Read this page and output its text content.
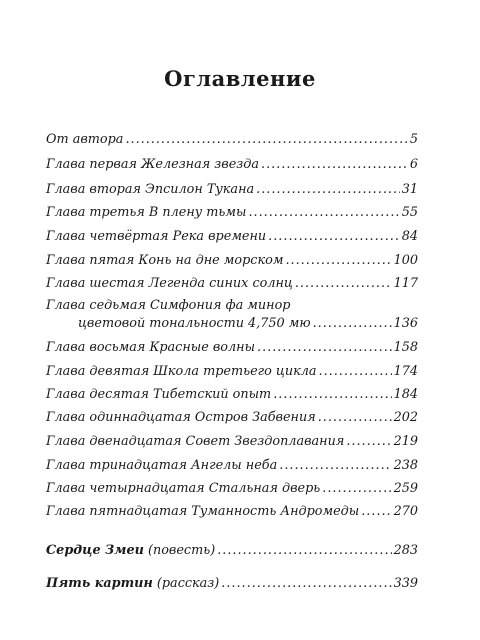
Оглавление
От автора .....	5
Глава первая Железная звезда .....	6
Глава вторая Эпсилон Тукана .....	31
Глава третья В плену тьмы .....	55
Глава четвёртая Река времени .....	84
Глава пятая Конь на дне морском .....	100
Глава шестая Легенда синих солнц .....	117
Глава седьмая Симфония фа минор
цветовой тональности 4,750 мю .....	136
Глава восьмая Красные волны .....	158
Глава девятая Школа третьего цикла .....	174
Глава десятая Тибетский опыт .....	184
Глава одиннадцатая Остров Забвения .....	202
Глава двенадцатая Совет Звездоплавания .....	219
Глава тринадцатая Ангелы неба .....	238
Глава четырнадцатая Стальная дверь .....	259
Глава пятнадцатая Туманность Андромеды .....	270
Сердце Змеи (повесть) .....	283
Пять картин (рассказ) .....	339
